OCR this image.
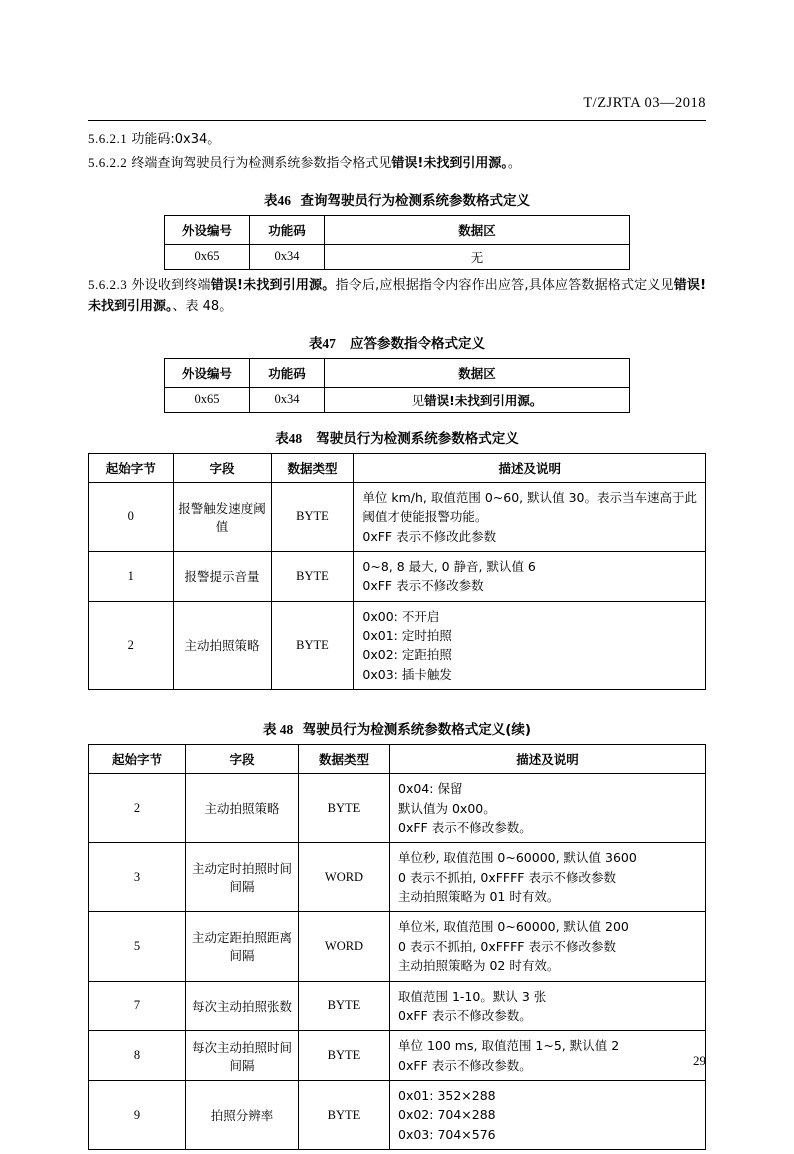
T/ZJRTA 03—2018

5.6.2.1 功能码:0x34。

5.6.2.2 终端查询驾驶员行为检测系统参数指令格式见错误!未找到引用源。。

表46 查询驾驶员行为检测系统参数格式定义
外设编号	功能码	数据区
0x65	0x34	无

5.6.2.3 外设收到终端错误!未找到引用源。指令后,应根据指令内容作出应答,具体应答数据格式定义见错误!未找到引用源。、表 48。

表47 应答参数指令格式定义
外设编号	功能码	数据区
0x65	0x34	见错误!未找到引用源。
表48 驾驶员行为检测系统参数格式定义
起始字节	字段	数据类型	描述及说明
0	报警触发速度阈值	BYTE	单位 km/h, 取值范围 0~60, 默认值 30。表示当车速高于此
阈值才使能报警功能。
0xFF 表示不修改此参数

1	报警提示音量	BYTE	0~8, 8 最大, 0 静音, 默认值 6
0xFF 表示不修改参数

2	主动拍照策略	BYTE	0x00: 不开启
0x01: 定时拍照
0x02: 定距拍照
0x03: 插卡触发
表 48 驾驶员行为检测系统参数格式定义(续)
起始字节	字段	数据类型	描述及说明
2	主动拍照策略	BYTE	0x04: 保留
默认值为 0x00。
0xFF 表示不修改参数。

3	主动定时拍照时间间隔	WORD	单位秒, 取值范围 0~60000, 默认值 3600
0 表示不抓拍, 0xFFFF 表示不修改参数
主动拍照策略为 01 时有效。

5	主动定距拍照距离间隔	WORD	单位米, 取值范围 0~60000, 默认值 200
0 表示不抓拍, 0xFFFF 表示不修改参数
主动拍照策略为 02 时有效。

7	每次主动拍照张数	BYTE	取值范围 1-10。默认 3 张
0xFF 表示不修改参数。

8	每次主动拍照时间间隔	BYTE	单位 100 ms, 取值范围 1~5, 默认值 2
0xFF 表示不修改参数。

9	拍照分辨率	BYTE	0x01: 352×288
0x02: 704×288
0x03: 704×576
29
